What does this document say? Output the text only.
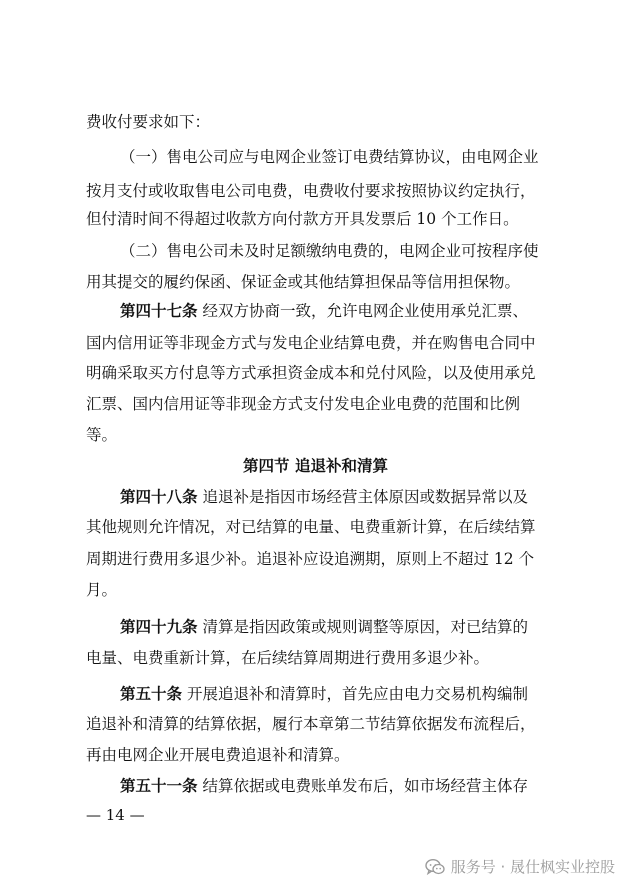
费收付要求如下：
（一）售电公司应与电网企业签订电费结算协议，由电网企业
按月支付或收取售电公司电费，电费收付要求按照协议约定执行，
但付清时间不得超过收款方向付款方开具发票后 10 个工作日。
（二）售电公司未及时足额缴纳电费的，电网企业可按程序使
用其提交的履约保函、保证金或其他结算担保品等信用担保物。
第四十七条 经双方协商一致，允许电网企业使用承兑汇票、
国内信用证等非现金方式与发电企业结算电费，并在购售电合同中
明确采取买方付息等方式承担资金成本和兑付风险，以及使用承兑
汇票、国内信用证等非现金方式支付发电企业电费的范围和比例
等。
第四节 追退补和清算
第四十八条 追退补是指因市场经营主体原因或数据异常以及
其他规则允许情况，对已结算的电量、电费重新计算，在后续结算
周期进行费用多退少补。追退补应设追溯期，原则上不超过 12 个
月。
第四十九条 清算是指因政策或规则调整等原因，对已结算的
电量、电费重新计算，在后续结算周期进行费用多退少补。
第五十条 开展追退补和清算时，首先应由电力交易机构编制
追退补和清算的结算依据，履行本章第二节结算依据发布流程后，
再由电网企业开展电费追退补和清算。
第五十一条 结算依据或电费账单发布后，如市场经营主体存
— 14 —
服务号 · 晟仕枫实业控股
